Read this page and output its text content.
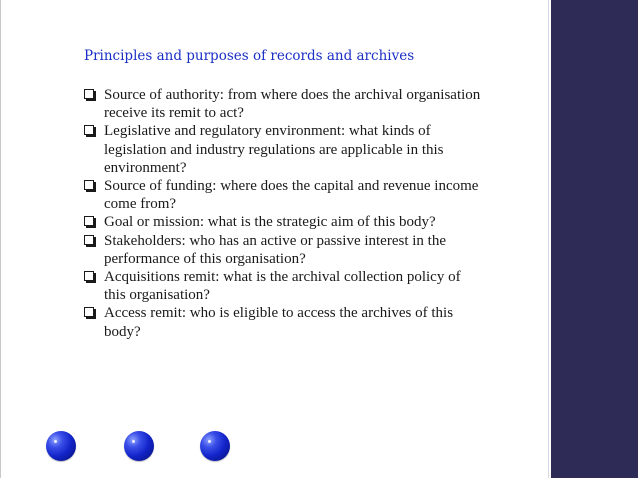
Principles and purposes of records and archives
Source of authority: from where does the archival organisation receive its remit to act?
Legislative and regulatory environment: what kinds of legislation and industry regulations are applicable in this environment?
Source of funding: where does the capital and revenue income come from?
Goal or mission: what is the strategic aim of this body?
Stakeholders: who has an active or passive interest in the performance of this organisation?
Acquisitions remit: what is the archival collection policy of this organisation?
Access remit: who is eligible to access the archives of this body?
